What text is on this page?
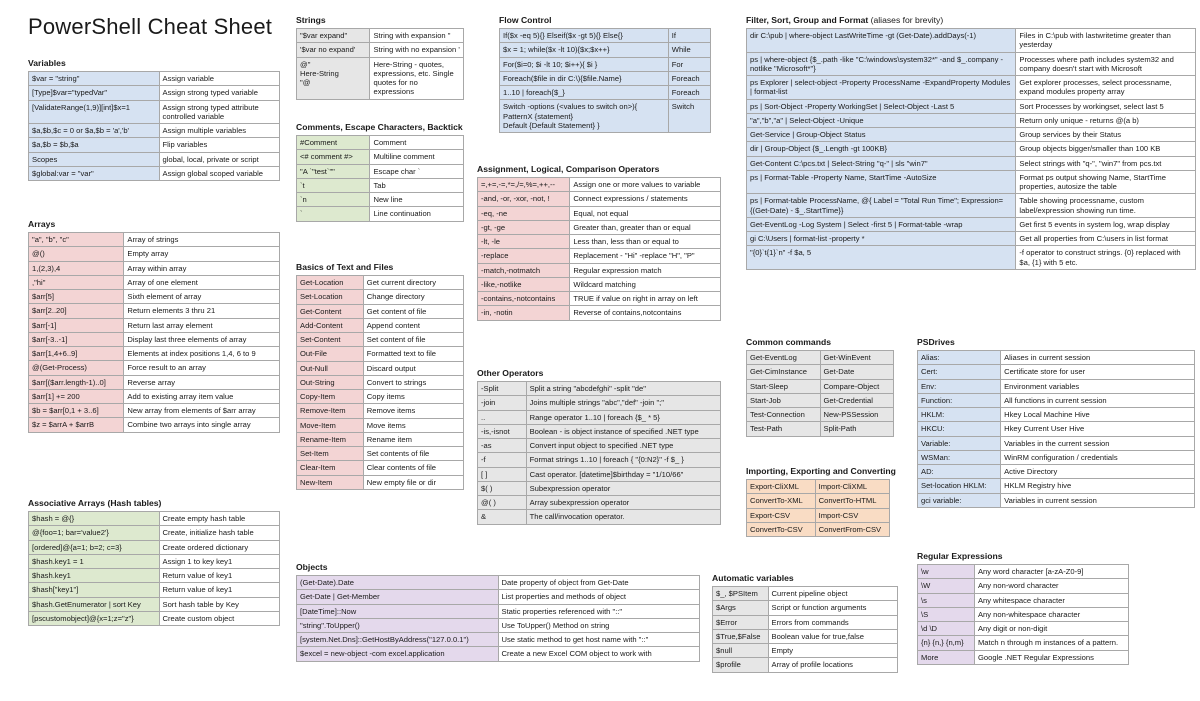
PowerShell Cheat Sheet
Variables
$var = "string"	Assign variable
[Type]$var="typedVar"	Assign strong typed variable
[ValidateRange(1,9)][int]$x=1	Assign strong typed attribute controlled variable
$a,$b,$c = 0 or $a,$b = 'a','b'	Assign multiple variables
$a,$b = $b,$a	Flip variables
Scopes	global, local, private or script
$global:var = "var"	Assign global scoped variable
Arrays
"a", "b", "c"	Array of strings
@()	Empty array
1,(2,3),4	Array within array
,"hi"	Array of one element
$arr[5]	Sixth element of array
$arr[2..20]	Return elements 3 thru 21
$arr[-1]	Return last array element
$arr[-3..-1]	Display last three elements of array
$arr[1,4+6..9]	Elements at index positions 1,4, 6 to 9
@(Get-Process)	Force result to an array
$arr[($arr.length-1)..0]	Reverse array
$arr[1] += 200	Add to existing array item value
$b = $arr[0,1 + 3..6]	New array from elements of $arr array
$z = $arrA + $arrB	Combine two arrays into single array
Associative Arrays (Hash tables)
$hash = @{}	Create empty hash table
@{foo=1; bar='value2'}	Create, initialize hash table
[ordered]@{a=1; b=2; c=3}	Create ordered dictionary
$hash.key1 = 1	Assign 1 to key key1
$hash.key1	Return value of key1
$hash["key1"]	Return value of key1
$hash.GetEnumerator | sort Key	Sort hash table by Key
[pscustomobject]@{x=1;z="z"}	Create custom object
Strings
"$var expand"	String with expansion "
'$var no expand'	String with no expansion '
@"
Here-String
"@	Here-String - quotes, expressions, etc. Single quotes for no expressions
Comments, Escape Characters, Backtick
#Comment	Comment
<# comment #>	Multiline comment
"A `"test`""	Escape char `
`t	Tab
`n	New line
`	Line continuation
Basics of Text and Files
Get-Location	Get current directory
Set-Location	Change directory
Get-Content	Get content of file
Add-Content	Append content
Set-Content	Set content of file
Out-File	Formatted text to file
Out-Null	Discard output
Out-String	Convert to strings
Copy-Item	Copy items
Remove-Item	Remove items
Move-Item	Move items
Rename-Item	Rename item
Set-Item	Set contents of file
Clear-Item	Clear contents of file
New-Item	New empty file or dir
Flow Control
If($x -eq 5){} Elseif($x -gt 5){} Else{}	If
$x = 1; while($x -lt 10){$x;$x++}	While
For($i=0; $i -lt 10; $i++){ $i }	For
Foreach($file in dir C:\){$file.Name}	Foreach
1..10 | foreach{$_}	Foreach
Switch -options (<values to switch on>){
PatternX {statement}
Default {Default Statement} }	Switch
Assignment, Logical, Comparison Operators
=,+=,-=,*=,/=,%=,++,--	Assign one or more values to variable
-and, -or, -xor, -not, !	Connect expressions / statements
-eq, -ne	Equal, not equal
-gt, -ge	Greater than, greater than or equal
-lt, -le	Less than, less than or equal to
-replace	Replacement - "Hi" -replace "H", "P"
-match,-notmatch	Regular expression match
-like,-notlike	Wildcard matching
-contains,-notcontains	TRUE if value on right in array on left
-in, -notin	Reverse of contains,notcontains
Other Operators
-Split	Split a string "abcdefghi" -split "de"
-join	Joins multiple strings "abc","def" -join ";"
..	Range operator 1..10 | foreach {$_ * 5}
-is,-isnot	Boolean - is object instance of specified .NET type
-as	Convert input object to specified .NET type
-f	Format strings 1..10 | foreach { "{0:N2}" -f $_ }
[ ]	Cast operator. [datetime]$birthday = "1/10/66"
$( )	Subexpression operator
@( )	Array subexpression operator
&	The call/invocation operator.
Objects
(Get-Date).Date	Date property of object from Get-Date
Get-Date | Get-Member	List properties and methods of object
[DateTime]::Now	Static properties referenced with "::"
"string".ToUpper()	Use ToUpper() Method on string
[system.Net.Dns]::GetHostByAddress("127.0.0.1")	Use static method to get host name with "::"
$excel = new-object -com excel.application	Create a new Excel COM object to work with
Filter, Sort, Group and Format (aliases for brevity)
dir C:\pub | where-object LastWriteTime -gt (Get-Date).addDays(-1)	Files in C:\pub with lastwritetime greater than yesterday
ps | where-object {$_.path -like "C:\windows\system32*" -and $_.company -notlike "Microsoft*"}	Processes where path includes system32 and company doesn't start with Microsoft
ps Explorer | select-object -Property ProcessName -ExpandProperty Modules | format-list	Get explorer processes, select processname, expand modules property array
ps | Sort-Object -Property WorkingSet | Select-Object -Last 5	Sort Processes by workingset, select last 5
"a","b","a" | Select-Object -Unique	Return only unique - returns @(a b)
Get-Service | Group-Object Status	Group services by their Status
dir | Group-Object {$_.Length -gt 100KB}	Group objects bigger/smaller than 100 KB
Get-Content C:\pcs.txt | Select-String "q-" | sls "win7"	Select strings with "q-", "win7" from pcs.txt
ps | Format-Table -Property Name, StartTime -AutoSize	Format ps output showing Name, StartTime properties, autosize the table
ps | Format-table ProcessName, @{ Label = "Total Run Time"; Expression={(Get-Date) - $_.StartTime}}	Table showing processname, custom label/expression showing run time.
Get-EventLog -Log System | Select -first 5 | Format-table -wrap	Get first 5 events in system log, wrap display
gi C:\Users | format-list -property *	Get all properties from C:\users in list format
"{0}`t{1}`n" -f $a, 5	-f operator to construct strings. {0} replaced with $a, {1} with 5 etc.
Common commands
Get-EventLog	Get-WinEvent
Get-CimInstance	Get-Date
Start-Sleep	Compare-Object
Start-Job	Get-Credential
Test-Connection	New-PSSession
Test-Path	Split-Path
Importing, Exporting and Converting
Export-CliXML	Import-CliXML
ConvertTo-XML	ConvertTo-HTML
Export-CSV	Import-CSV
ConvertTo-CSV	ConvertFrom-CSV
Automatic variables
$_, $PSItem	Current pipeline object
$Args	Script or function arguments
$Error	Errors from commands
$True,$False	Boolean value for true,false
$null	Empty
$profile	Array of profile locations
PSDrives
Alias:	Aliases in current session
Cert:	Certificate store for user
Env:	Environment variables
Function:	All functions in current session
HKLM:	Hkey Local Machine Hive
HKCU:	Hkey Current User Hive
Variable:	Variables in the current session
WSMan:	WinRM configuration / credentials
AD:	Active Directory
Set-location HKLM:	HKLM Registry hive
gci variable:	Variables in current session
Regular Expressions
\w	Any word character [a-zA-Z0-9]
\W	Any non-word character
\s	Any whitespace character
\S	Any non-whitespace character
\d \D	Any digit or non-digit
{n} {n,} {n,m}	Match n through m instances of a pattern.
More	Google .NET Regular Expressions
